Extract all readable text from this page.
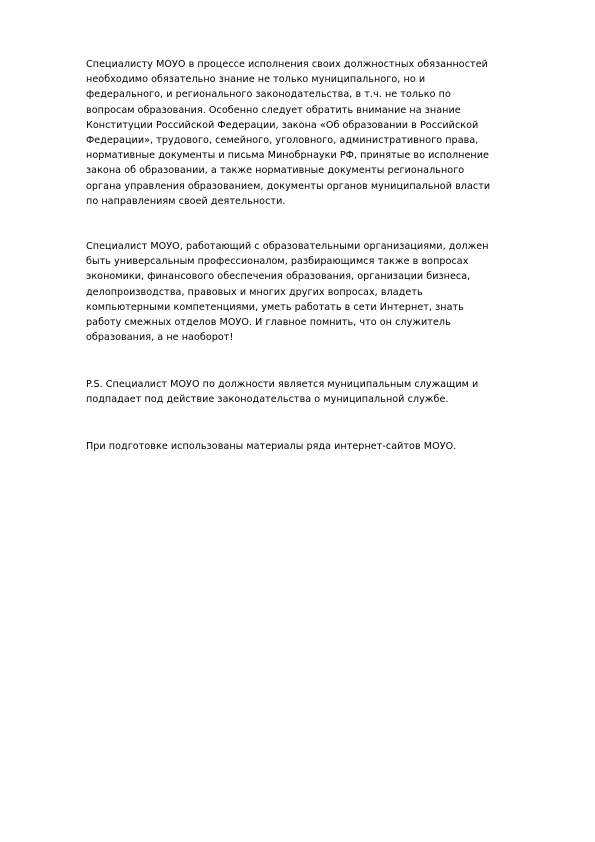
Специалисту МОУО в процессе исполнения своих должностных обязанностей
необходимо обязательно знание не только муниципального, но и
федерального, и регионального законодательства, в т.ч. не только по
вопросам образования. Особенно следует обратить внимание на знание
Конституции Российской Федерации, закона «Об образовании в Российской
Федерации», трудового, семейного, уголовного, административного права,
нормативные документы и письма Минобрнауки РФ, принятые во исполнение
закона об образовании, а также нормативные документы регионального
органа управления образованием, документы органов муниципальной власти
по направлениям своей деятельности.
Специалист МОУО, работающий с образовательными организациями, должен
быть универсальным профессионалом, разбирающимся также в вопросах
экономики, финансового обеспечения образования, организации бизнеса,
делопроизводства, правовых и многих других вопросах, владеть
компьютерными компетенциями, уметь работать в сети Интернет, знать
работу смежных отделов МОУО. И главное помнить, что он служитель
образования, а не наоборот!
P.S. Специалист МОУО по должности является муниципальным служащим и
подпадает под действие законодательства о муниципальной службе.
При подготовке использованы материалы ряда интернет-сайтов МОУО.
